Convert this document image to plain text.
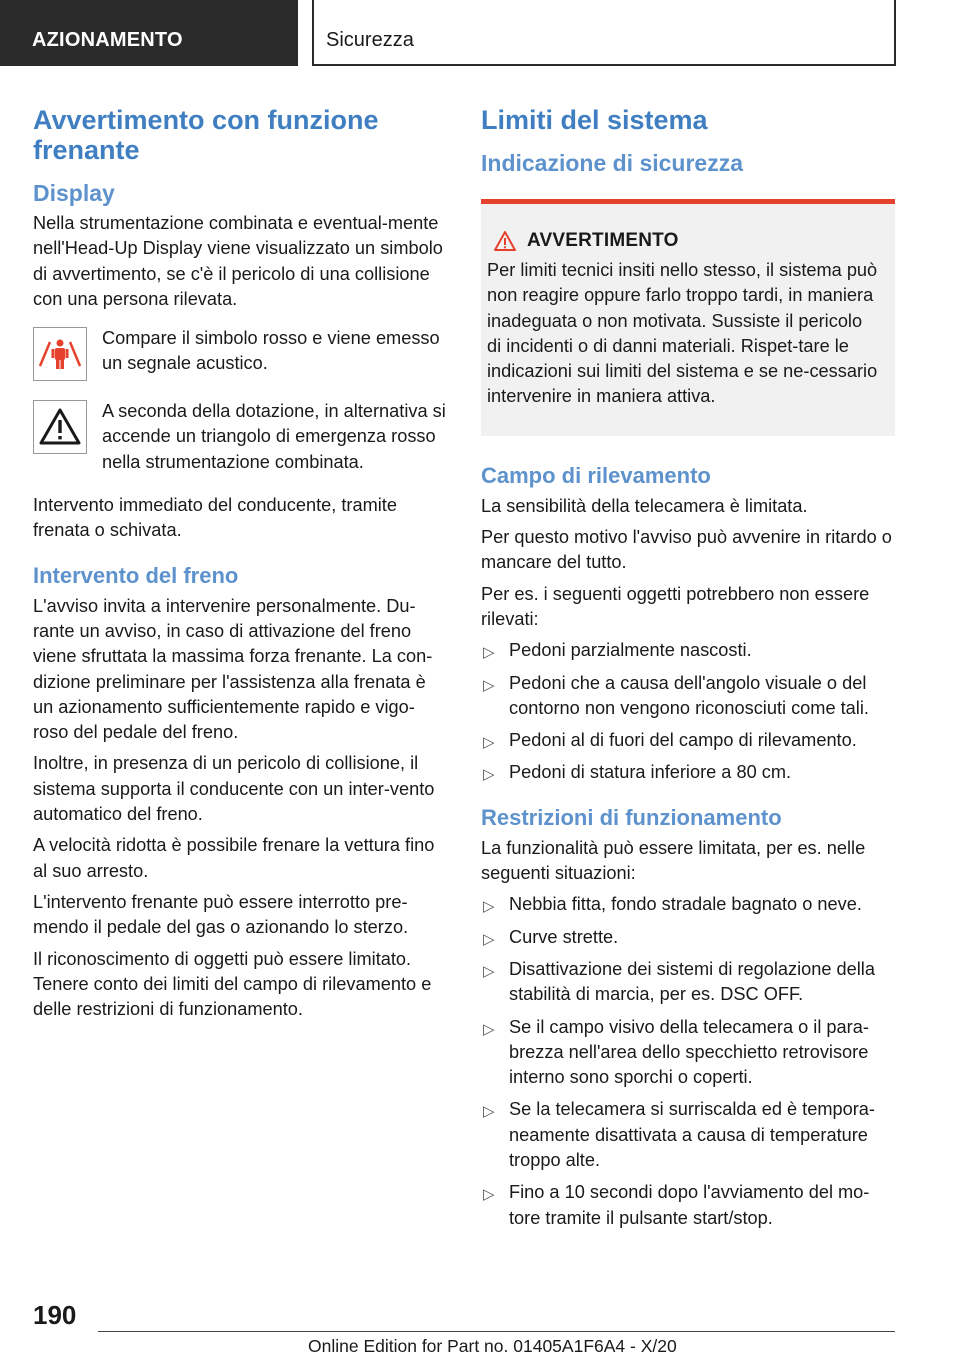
AZIONAMENTO	Sicurezza
Avvertimento con funzione frenante
Display

Nella strumentazione combinata e eventual-mente nell'Head-Up Display viene visualizzato un simbolo di avvertimento, se c'è il pericolo di una collisione con una persona rilevata.

Compare il simbolo rosso e viene emesso un segnale acustico.

A seconda della dotazione, in alternativa si accende un triangolo di emergenza rosso nella strumentazione combinata.

Intervento immediato del conducente, tramite frenata o schivata.

Intervento del freno

L'avviso invita a intervenire personalmente. Du-rante un avviso, in caso di attivazione del freno viene sfruttata la massima forza frenante. La con-dizione preliminare per l'assistenza alla frenata è un azionamento sufficientemente rapido e vigo-roso del pedale del freno.

Inoltre, in presenza di un pericolo di collisione, il sistema supporta il conducente con un inter-vento automatico del freno.

A velocità ridotta è possibile frenare la vettura fino al suo arresto.

L'intervento frenante può essere interrotto pre-mendo il pedale del gas o azionando lo sterzo.

Il riconoscimento di oggetti può essere limitato. Tenere conto dei limiti del campo di rilevamento e delle restrizioni di funzionamento.

Limiti del sistema
Indicazione di sicurezza
AVVERTIMENTO

Per limiti tecnici insiti nello stesso, il sistema può non reagire oppure farlo troppo tardi, in maniera inadeguata o non motivata. Sussiste il pericolo di incidenti o di danni materiali. Rispet-tare le indicazioni sui limiti del sistema e se ne-cessario intervenire in maniera attiva.

Campo di rilevamento

La sensibilità della telecamera è limitata.

Per questo motivo l'avviso può avvenire in ritardo o mancare del tutto.

Per es. i seguenti oggetti potrebbero non essere rilevati:

▷ Pedoni parzialmente nascosti.
▷ Pedoni che a causa dell'angolo visuale o del contorno non vengono riconosciuti come tali.
▷ Pedoni al di fuori del campo di rilevamento.
▷ Pedoni di statura inferiore a 80 cm.
Restrizioni di funzionamento

La funzionalità può essere limitata, per es. nelle seguenti situazioni:

▷ Nebbia fitta, fondo stradale bagnato o neve.
▷ Curve strette.
▷ Disattivazione dei sistemi di regolazione della stabilità di marcia, per es. DSC OFF.
▷ Se il campo visivo della telecamera o il para-brezza nell'area dello specchietto retrovisore interno sono sporchi o coperti.
▷ Se la telecamera si surriscalda ed è tempora-neamente disattivata a causa di temperature troppo alte.
▷ Fino a 10 secondi dopo l'avviamento del mo-tore tramite il pulsante start/stop.
190
Online Edition for Part no. 01405A1F6A4 - X/20
